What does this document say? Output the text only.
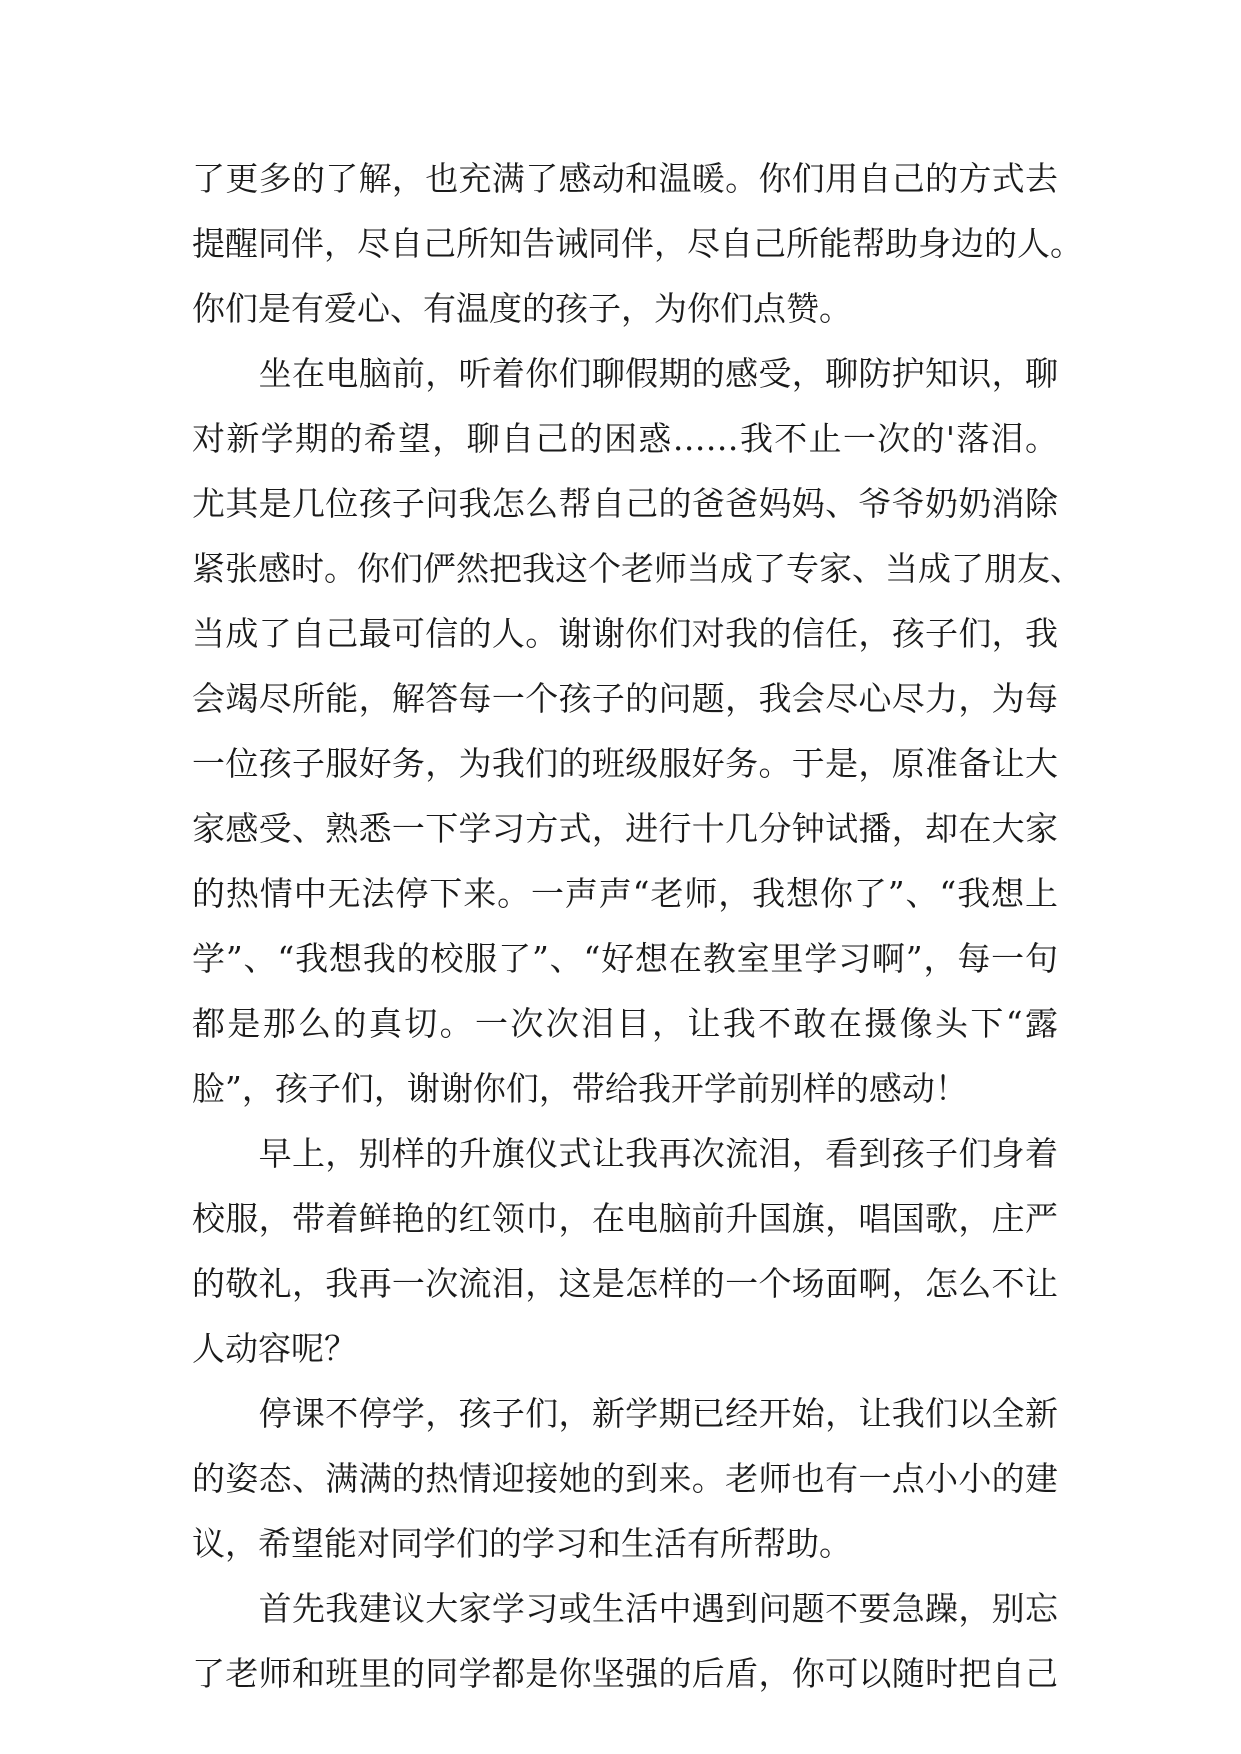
了更多的了解，也充满了感动和温暖。你们用自己的方式去
提醒同伴，尽自己所知告诫同伴，尽自己所能帮助身边的人。
你们是有爱心、有温度的孩子，为你们点赞。
　　坐在电脑前，听着你们聊假期的感受，聊防护知识，聊
对新学期的希望，聊自己的困惑……我不止一次的'落泪。
尤其是几位孩子问我怎么帮自己的爸爸妈妈、爷爷奶奶消除
紧张感时。你们俨然把我这个老师当成了专家、当成了朋友、
当成了自己最可信的人。谢谢你们对我的信任，孩子们，我
会竭尽所能，解答每一个孩子的问题，我会尽心尽力，为每
一位孩子服好务，为我们的班级服好务。于是，原准备让大
家感受、熟悉一下学习方式，进行十几分钟试播，却在大家
的热情中无法停下来。一声声“老师，我想你了”、“我想上
学”、“我想我的校服了”、“好想在教室里学习啊”，每一句
都是那么的真切。一次次泪目，让我不敢在摄像头下“露
脸”，孩子们，谢谢你们，带给我开学前别样的感动！
　　早上，别样的升旗仪式让我再次流泪，看到孩子们身着
校服，带着鲜艳的红领巾，在电脑前升国旗，唱国歌，庄严
的敬礼，我再一次流泪，这是怎样的一个场面啊，怎么不让
人动容呢？
　　停课不停学，孩子们，新学期已经开始，让我们以全新
的姿态、满满的热情迎接她的到来。老师也有一点小小的建
议，希望能对同学们的学习和生活有所帮助。
　　首先我建议大家学习或生活中遇到问题不要急躁，别忘
了老师和班里的同学都是你坚强的后盾，你可以随时把自己
